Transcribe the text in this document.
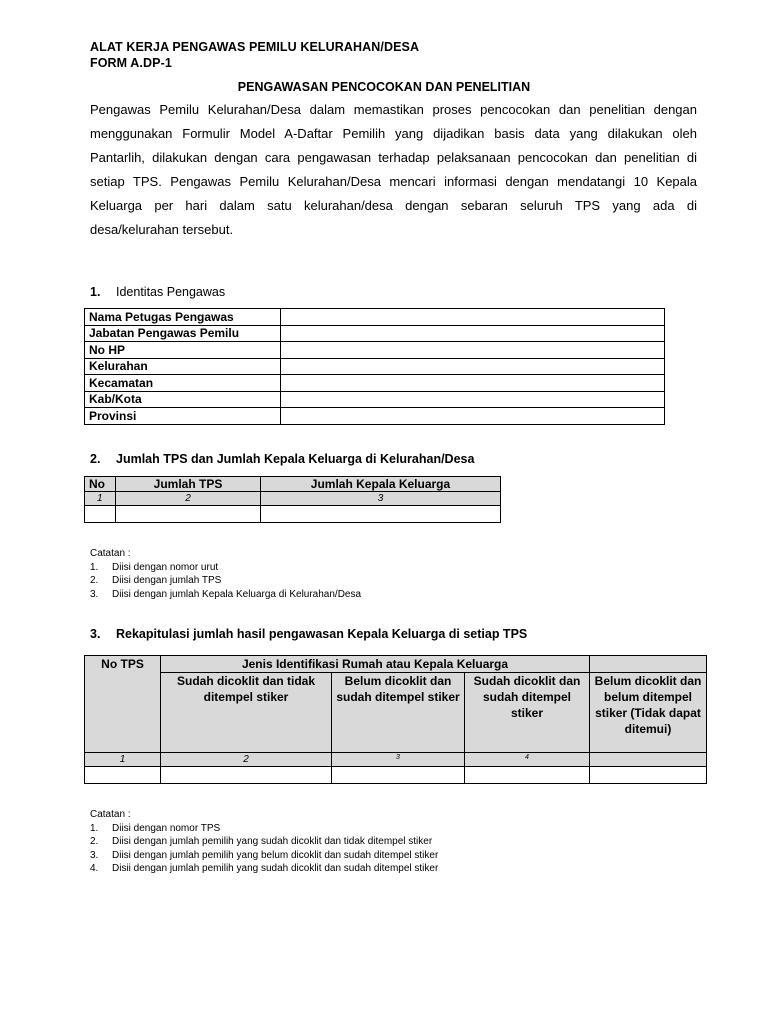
ALAT KERJA PENGAWAS PEMILU KELURAHAN/DESA
FORM A.DP-1
PENGAWASAN PENCOCOKAN DAN PENELITIAN
Pengawas Pemilu Kelurahan/Desa dalam memastikan proses pencocokan dan penelitian dengan
menggunakan Formulir Model A-Daftar Pemilih yang dijadikan basis data yang dilakukan oleh
Pantarlih, dilakukan dengan cara pengawasan terhadap pelaksanaan pencocokan dan penelitian di
setiap TPS. Pengawas Pemilu Kelurahan/Desa mencari informasi dengan mendatangi 10 Kepala
Keluarga per hari dalam satu kelurahan/desa dengan sebaran seluruh TPS yang ada di
desa/kelurahan tersebut.
1. Identitas Pengawas
Nama Petugas Pengawas	
Jabatan Pengawas Pemilu	
No HP	
Kelurahan	
Kecamatan	
Kab/Kota	
Provinsi	
2. Jumlah TPS dan Jumlah Kepala Keluarga di Kelurahan/Desa
No	Jumlah TPS	Jumlah Kepala Keluarga
1	2	3

Catatan :
1. Diisi dengan nomor urut
2. Diisi dengan jumlah TPS
3. Diisi dengan jumlah Kepala Keluarga di Kelurahan/Desa
3. Rekapitulasi jumlah hasil pengawasan Kepala Keluarga di setiap TPS
No TPS	Jenis Identifikasi Rumah atau Kepala Keluarga			
	Sudah dicoklit dan tidak ditempel stiker	Belum dicoklit dan sudah ditempel stiker	Sudah dicoklit dan sudah ditempel stiker	Belum dicoklit dan belum ditempel stiker (Tidak dapat ditemui)
1	2	$^3$	$^4$	

Catatan :
1. Diisi dengan nomor TPS
2. Diisi dengan jumlah pemilih yang sudah dicoklit dan tidak ditempel stiker
3. Diisi dengan jumlah pemilih yang belum dicoklit dan sudah ditempel stiker
4. Disii dengan jumlah pemilih yang sudah dicoklit dan sudah ditempel stiker
